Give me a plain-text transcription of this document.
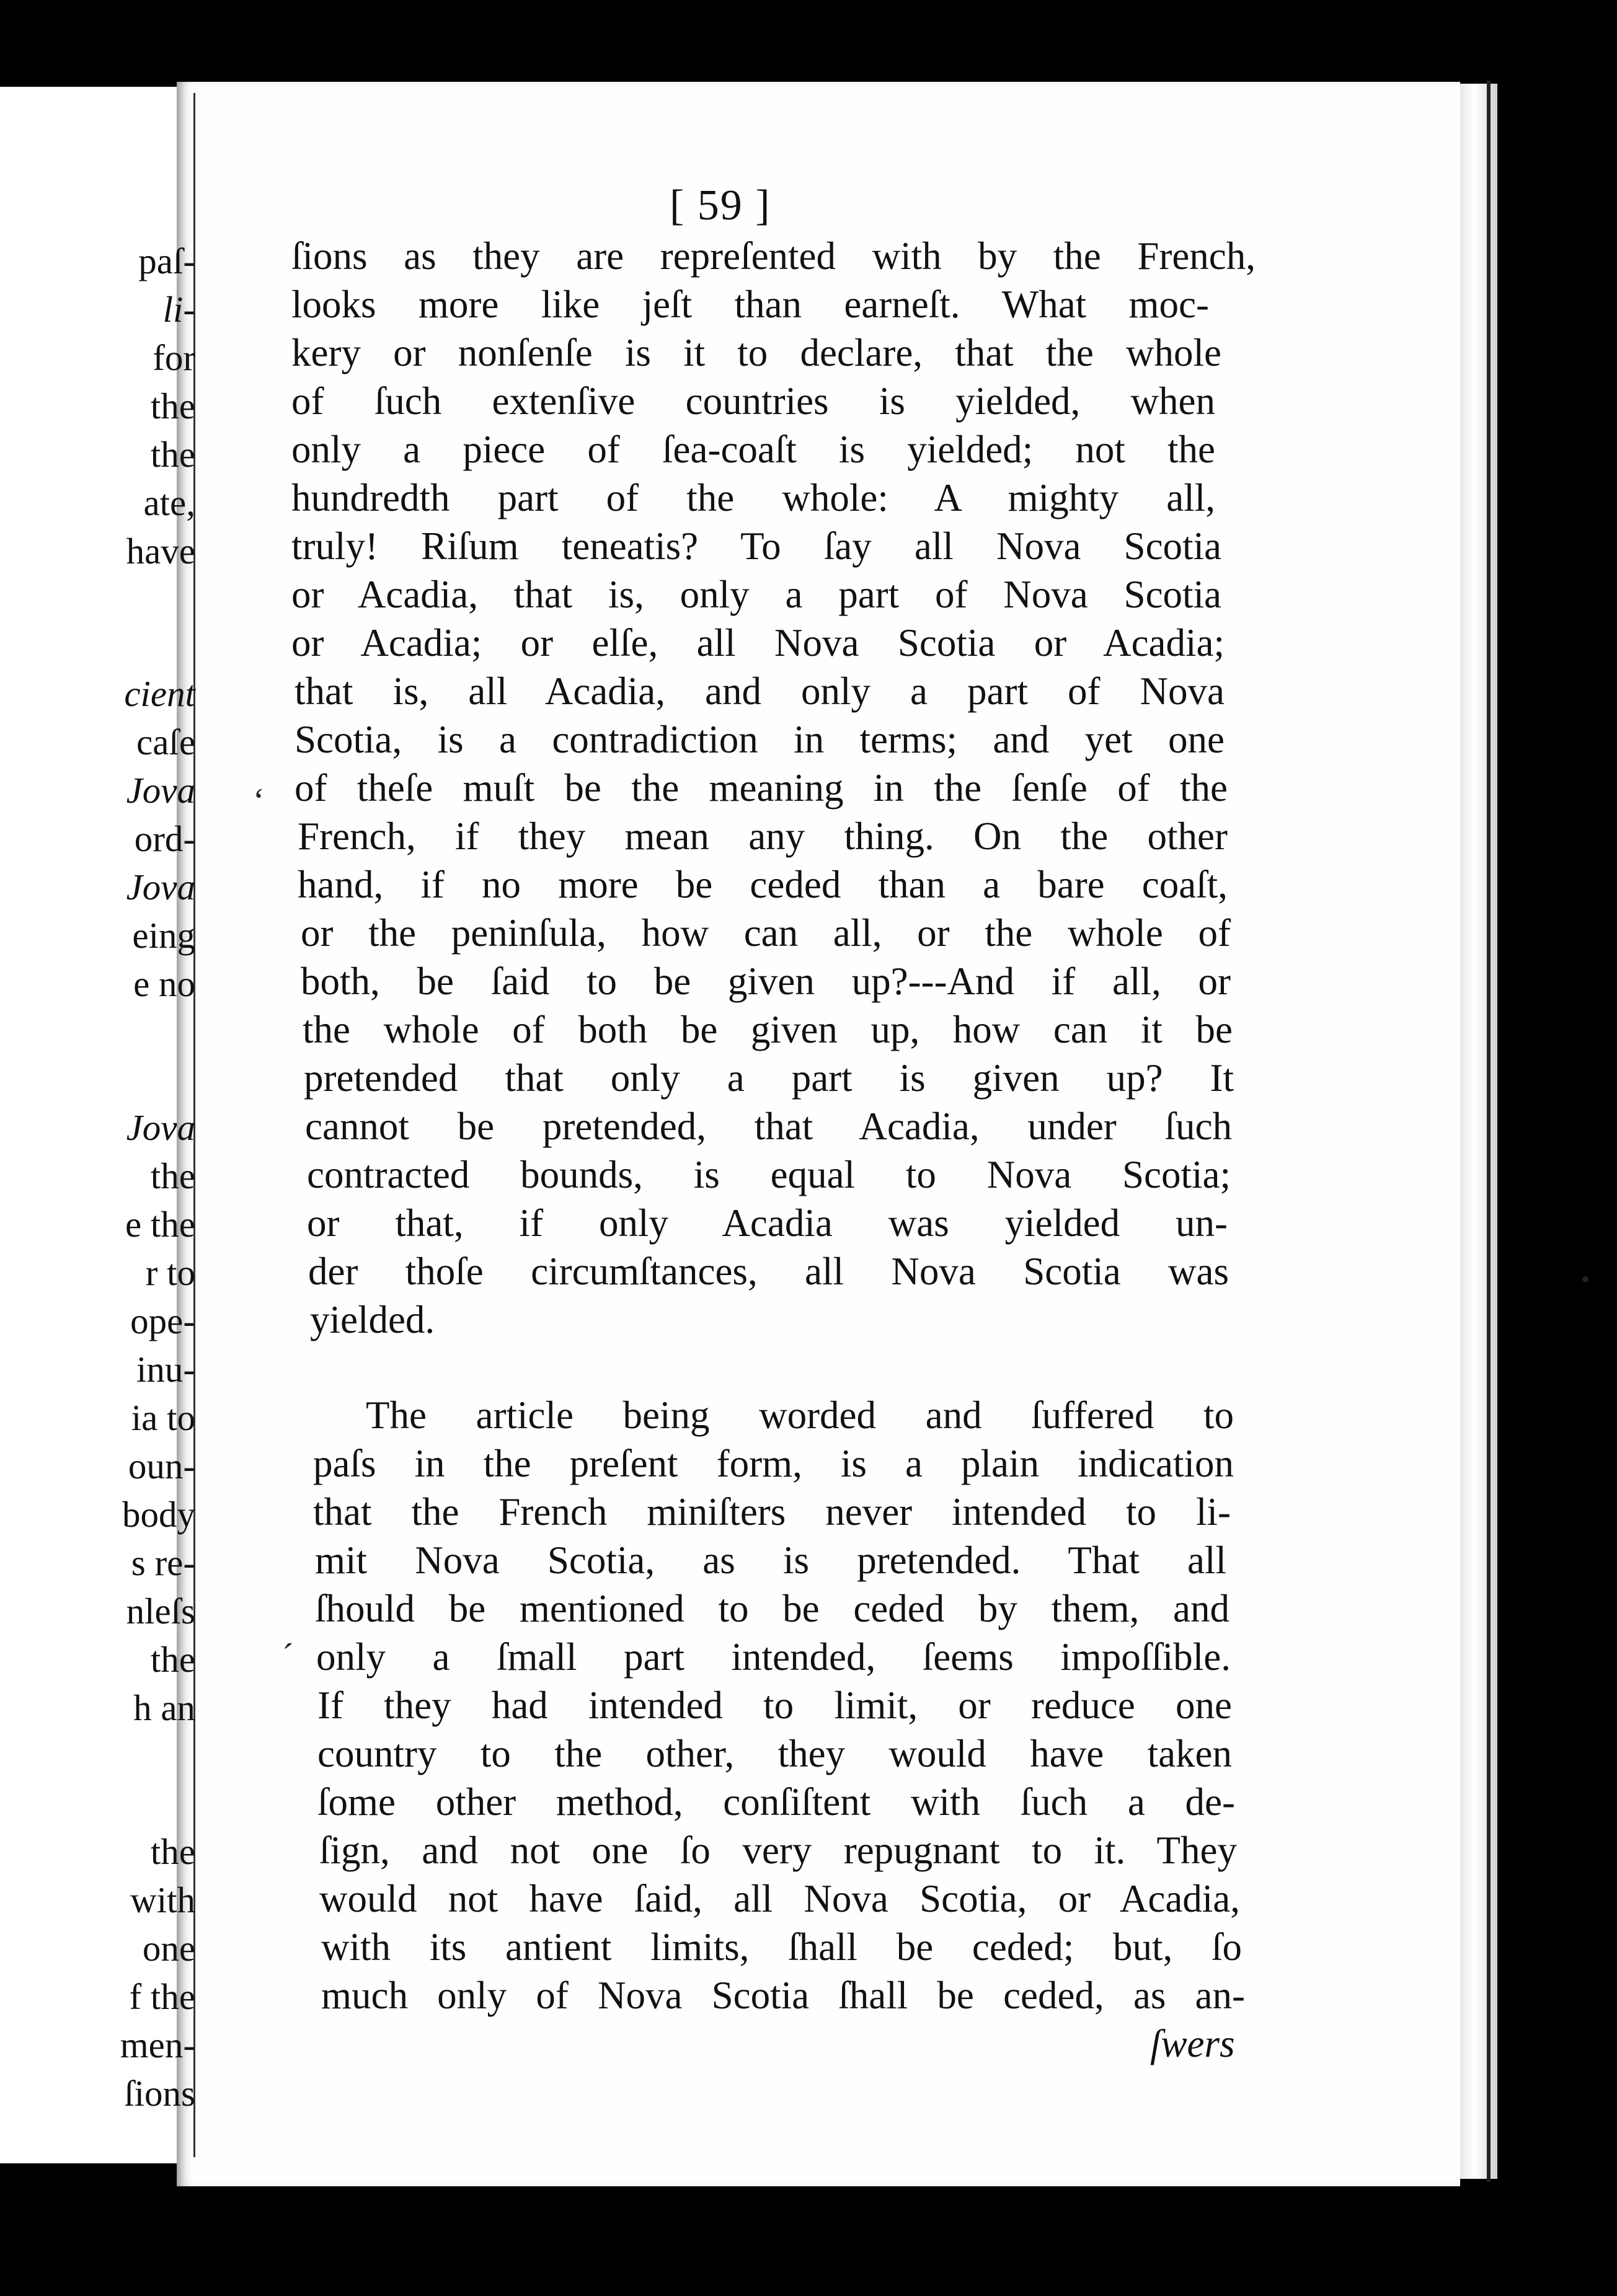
⠀
paſ-
li-
for
the
the
ate,
have
cient
caſe
Jova
ord-
Jova
eing
e no
Jova
the
e the
r to
ope-
inu-
ia to
oun-
body
s re-
nleſs
the
h an
the
with
one
f the
men-
ſions
[ 59 ]
ſions as they are repreſented with by the French,
looks more like jeſt than earneſt. What moc-
kery or nonſenſe is it to declare, that the whole
of ſuch extenſive countries is yielded, when
only a piece of ſea-coaſt is yielded; not the
hundredth part of the whole: A mighty all,
truly! Riſum teneatis? To ſay all Nova Scotia
or Acadia, that is, only a part of Nova Scotia
or Acadia; or elſe, all Nova Scotia or Acadia;
that is, all Acadia, and only a part of Nova
Scotia, is a contradiction in terms; and yet one
of theſe muſt be the meaning in the ſenſe of the
French, if they mean any thing. On the other
hand, if no more be ceded than a bare coaſt,
or the peninſula, how can all, or the whole of
both, be ſaid to be given up?---And if all, or
the whole of both be given up, how can it be
pretended that only a part is given up? It
cannot be pretended, that Acadia, under ſuch
contracted bounds, is equal to Nova Scotia;
or that, if only Acadia was yielded un-
der thoſe circumſtances, all Nova Scotia was
yielded.
The article being worded and ſuffered to
paſs in the preſent form, is a plain indication
that the French miniſters never intended to li-
mit Nova Scotia, as is pretended. That all
ſhould be mentioned to be ceded by them, and
only a ſmall part intended, ſeems impoſſible.
If they had intended to limit, or reduce one
country to the other, they would have taken
ſome other method, conſiſtent with ſuch a de-
ſign, and not one ſo very repugnant to it. They
would not have ſaid, all Nova Scotia, or Acadia,
with its antient limits, ſhall be ceded; but, ſo
much only of Nova Scotia ſhall be ceded, as an-
ſwers
ʻ
ˊ
•
